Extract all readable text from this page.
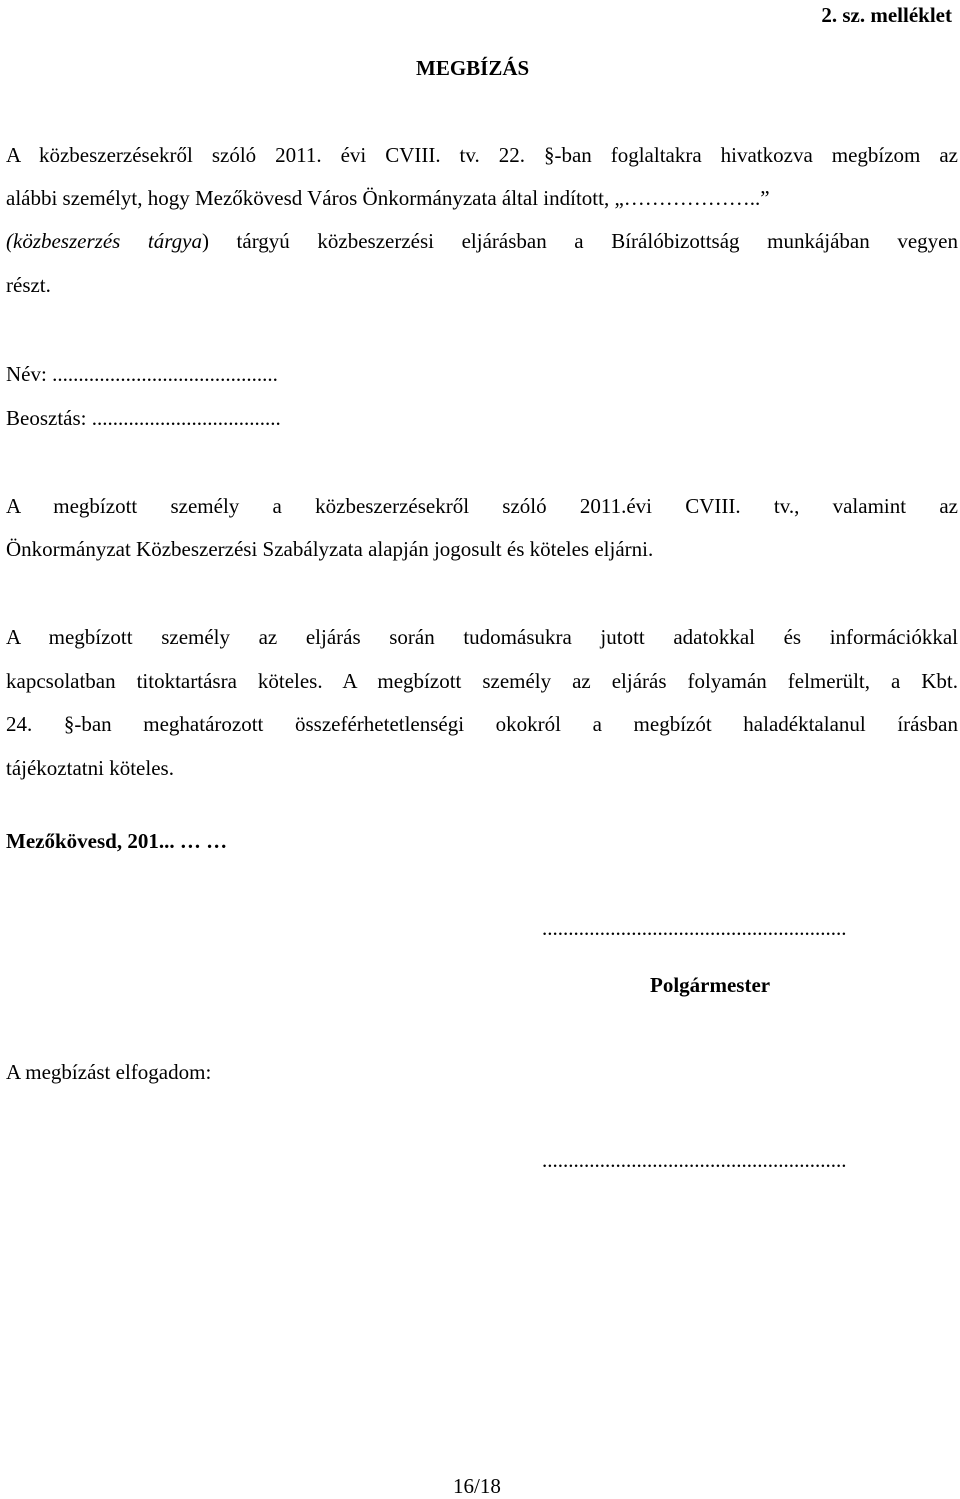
2. sz. melléklet
MEGBÍZÁS
A közbeszerzésekről szóló 2011. évi CVIII. tv. 22. §-ban foglaltakra hivatkozva megbízom az
alábbi személyt, hogy Mezőkövesd Város Önkormányzata által indított, „………………..”
(közbeszerzés tárgya) tárgyú közbeszerzési eljárásban a Bírálóbizottság munkájában vegyen
részt.
Név: ...........................................
Beosztás: ....................................
A megbízott személy a közbeszerzésekről szóló 2011.évi CVIII. tv., valamint az
Önkormányzat Közbeszerzési Szabályzata alapján jogosult és köteles eljárni.
A megbízott személy az eljárás során tudomásukra jutott adatokkal és információkkal
kapcsolatban titoktartásra köteles. A megbízott személy az eljárás folyamán felmerült, a Kbt.
24. §-ban meghatározott összeférhetetlenségi okokról a megbízót haladéktalanul írásban
tájékoztatni köteles.
Mezőkövesd, 201... … …
..........................................................
Polgármester
A megbízást elfogadom:
..........................................................
16/18
